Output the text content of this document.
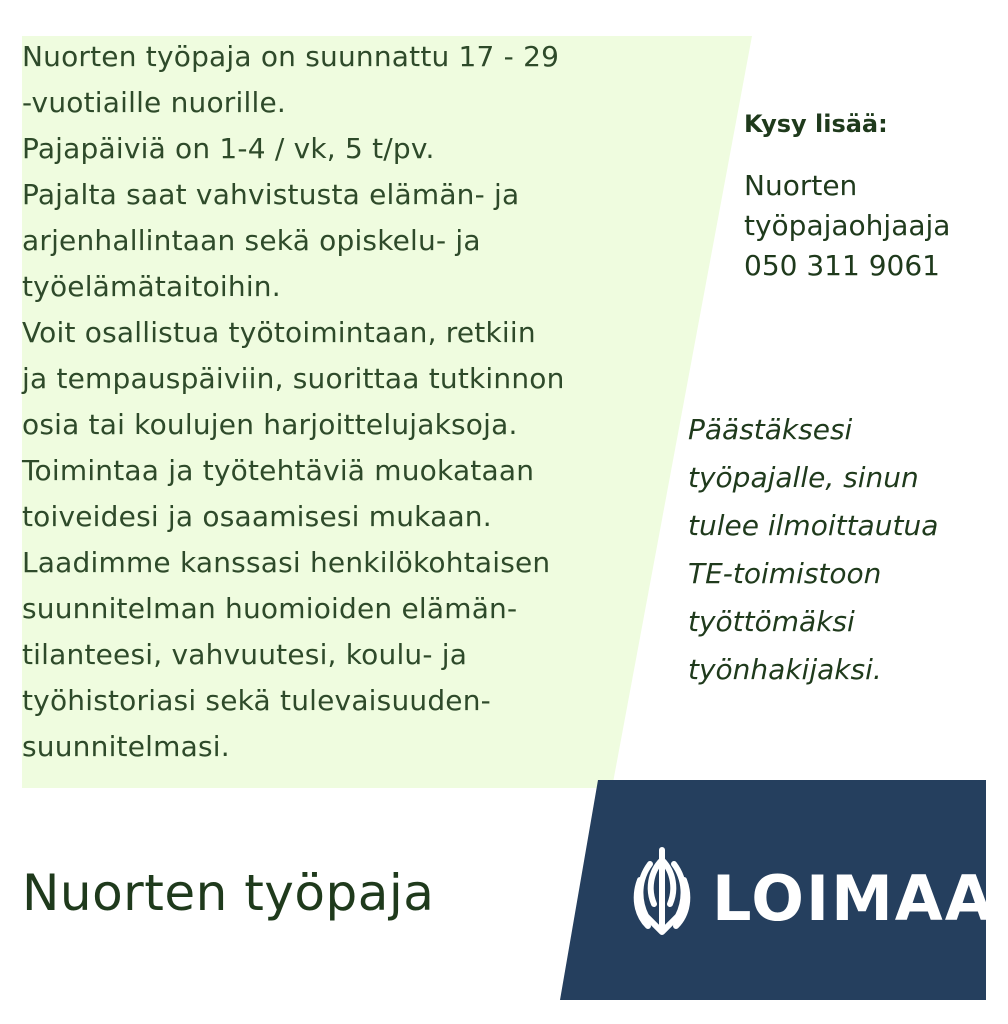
Nuorten työpaja on suunnattu 17 - 29
-vuotiaille nuorille.

Pajapäiviä on 1-4 / vk, 5 t/pv.

Pajalta saat vahvistusta elämän- ja
arjenhallintaan sekä opiskelu- ja
työelämätaitoihin.

Voit osallistua työtoimintaan, retkiin
ja tempauspäiviin, suorittaa tutkinnon
osia tai koulujen harjoittelujaksoja.

Toimintaa ja työtehtäviä muokataan
toiveidesi ja osaamisesi mukaan.

Laadimme kanssasi henkilökohtaisen
suunnitelman huomioiden elämän-
tilanteesi, vahvuutesi, koulu- ja
työhistoriasi sekä tulevaisuuden-
suunnitelmasi.

Kysy lisää:
Nuorten
työpajaohjaaja
050 311 9061
Päästäksesi
työpajalle, sinun
tulee ilmoittautua
TE-toimistoon
työttömäksi
työnhakijaksi.
Nuorten työpaja	LOIMAA
